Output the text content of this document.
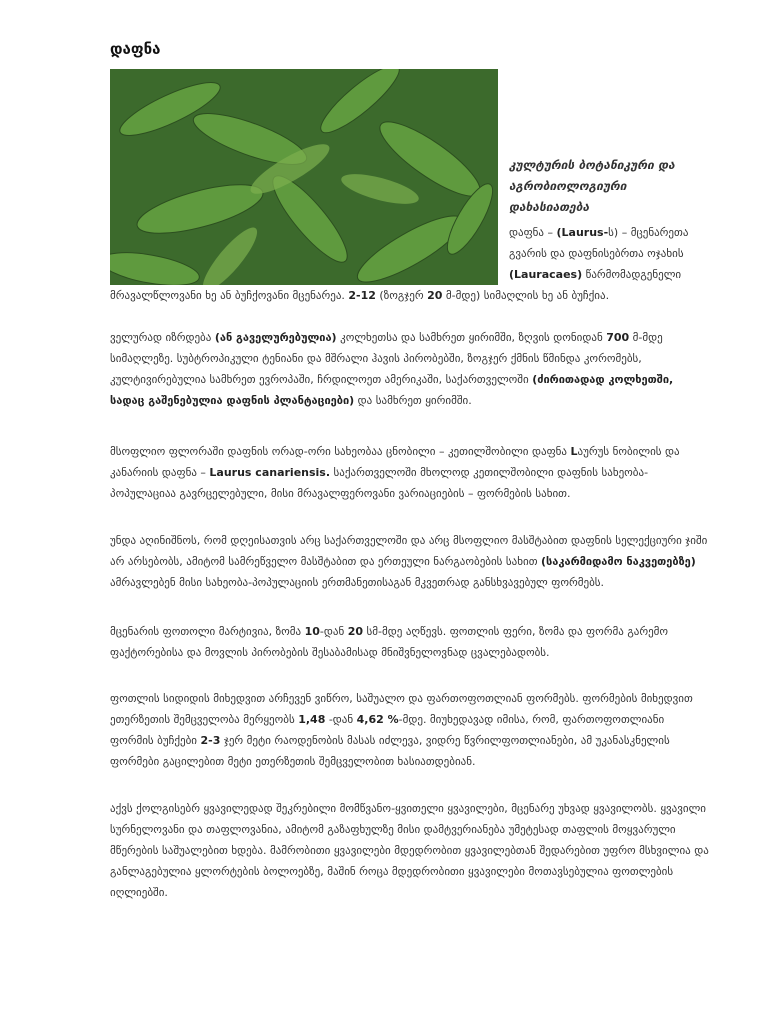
დაფნა
კულტურის ბოტანიკური და აგრობიოლოგიური დახასიათება
დაფნა – (Laurus-ს) – მცენარეთა გვარის და დაფნისებრთა ოჯახის (Lauracaes) წარმომადგენელი
მრავალწლოვანი ხე ან ბუჩქოვანი მცენარეა. 2-12 (ზოგჯერ 20 მ-მდე) სიმაღლის ხე ან ბუჩქია.

ველურად იზრდება (ან გაველურებულია) კოლხეთსა და სამხრეთ ყირიმში, ზღვის დონიდან 700 მ-მდე სიმაღლეზე. სუბტროპიკული ტენიანი და მშრალი ჰავის პირობებში, ზოგჯერ ქმნის წმინდა კორომებს, კულტივირებულია სამხრეთ ევროპაში, ჩრდილოეთ ამერიკაში, საქართველოში (ძირითადად კოლხეთში, სადაც გაშენებულია დაფნის პლანტაციები) და სამხრეთ ყირიმში.

მსოფლიო ფლორაში დაფნის ორად-ორი სახეობაა ცნობილი – კეთილშობილი დაფნა Lაურუს ნობილის და კანარიის დაფნა – Laurus canariensis. საქართველოში მხოლოდ კეთილშობილი დაფნის სახეობა-პოპულაციაა გავრცელებული, მისი მრავალფეროვანი ვარიაციების – ფორმების სახით.

უნდა აღინიშნოს, რომ დღეისათვის არც საქართველოში და არც მსოფლიო მასშტაბით დაფნის სელექციური ჯიში არ არსებობს, ამიტომ სამრეწველო მასშტაბით და ერთეული ნარგაობების სახით (საკარმიდამო ნაკვეთებზე) ამრავლებენ მისი სახეობა-პოპულაციის ერთმანეთისაგან მკვეთრად განსხვავებულ ფორმებს.

მცენარის ფოთოლი მარტივია, ზომა 10-დან 20 სმ-მდე აღწევს. ფოთლის ფერი, ზომა და ფორმა გარემო ფაქტორებისა და მოვლის პირობების შესაბამისად მნიშვნელოვნად ცვალებადობს.

ფოთლის სიდიდის მიხედვით არჩევენ ვიწრო, საშუალო და ფართოფოთლიან ფორმებს. ფორმების მიხედვით ეთერზეთის შემცველობა მერყეობს 1,48 -დან 4,62 %-მდე. მიუხედავად იმისა, რომ, ფართოფოთლიანი ფორმის ბუჩქები 2-3 ჯერ მეტი რაოდენობის მასას იძლევა, ვიდრე წვრილფოთლიანები, ამ უკანასკნელის ფორმები გაცილებით მეტი ეთერზეთის შემცველობით ხასიათდებიან.

აქვს ქოლგისებრ ყვავილედად შეკრებილი მომწვანო-ყვითელი ყვავილები, მცენარე უხვად ყვავილობს. ყვავილი სურნელოვანი და თაფლოვანია, ამიტომ გაზაფხულზე მისი დამტვერიანება უმეტესად თაფლის მოყვარული მწერების საშუალებით ხდება. მამრობითი ყვავილები მდედრობით ყვავილებთან შედარებით უფრო მსხვილია და განლაგებულია ყლორტების ბოლოებზე, მაშინ როცა მდედრობითი ყვავილები მოთავსებულია ფოთლების იღლიებში.
